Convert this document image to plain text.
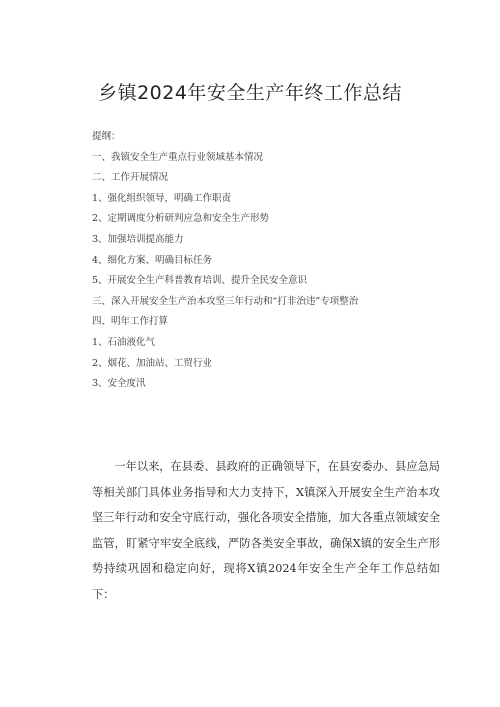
乡镇2024年安全生产年终工作总结
提纲：
一、我镇安全生产重点行业领域基本情况
二、工作开展情况
1、强化组织领导，明确工作职责
2、定期调度分析研判应急和安全生产形势
3、加强培训提高能力
4、细化方案、明确目标任务
5、开展安全生产科普教育培训、提升全民安全意识
三、深入开展安全生产治本攻坚三年行动和“打非治违”专项整治
四、明年工作打算
1、石油液化气
2、烟花、加油站、工贸行业
3、安全度汛

一年以来，在县委、县政府的正确领导下，在县安委办、县应急局等相关部门具体业务指导和大力支持下，X镇深入开展安全生产治本攻坚三年行动和安全守底行动，强化各项安全措施，加大各重点领域安全监管，盯紧守牢安全底线，严防各类安全事故，确保X镇的安全生产形势持续巩固和稳定向好，现将X镇2024年安全生产全年工作总结如下：
